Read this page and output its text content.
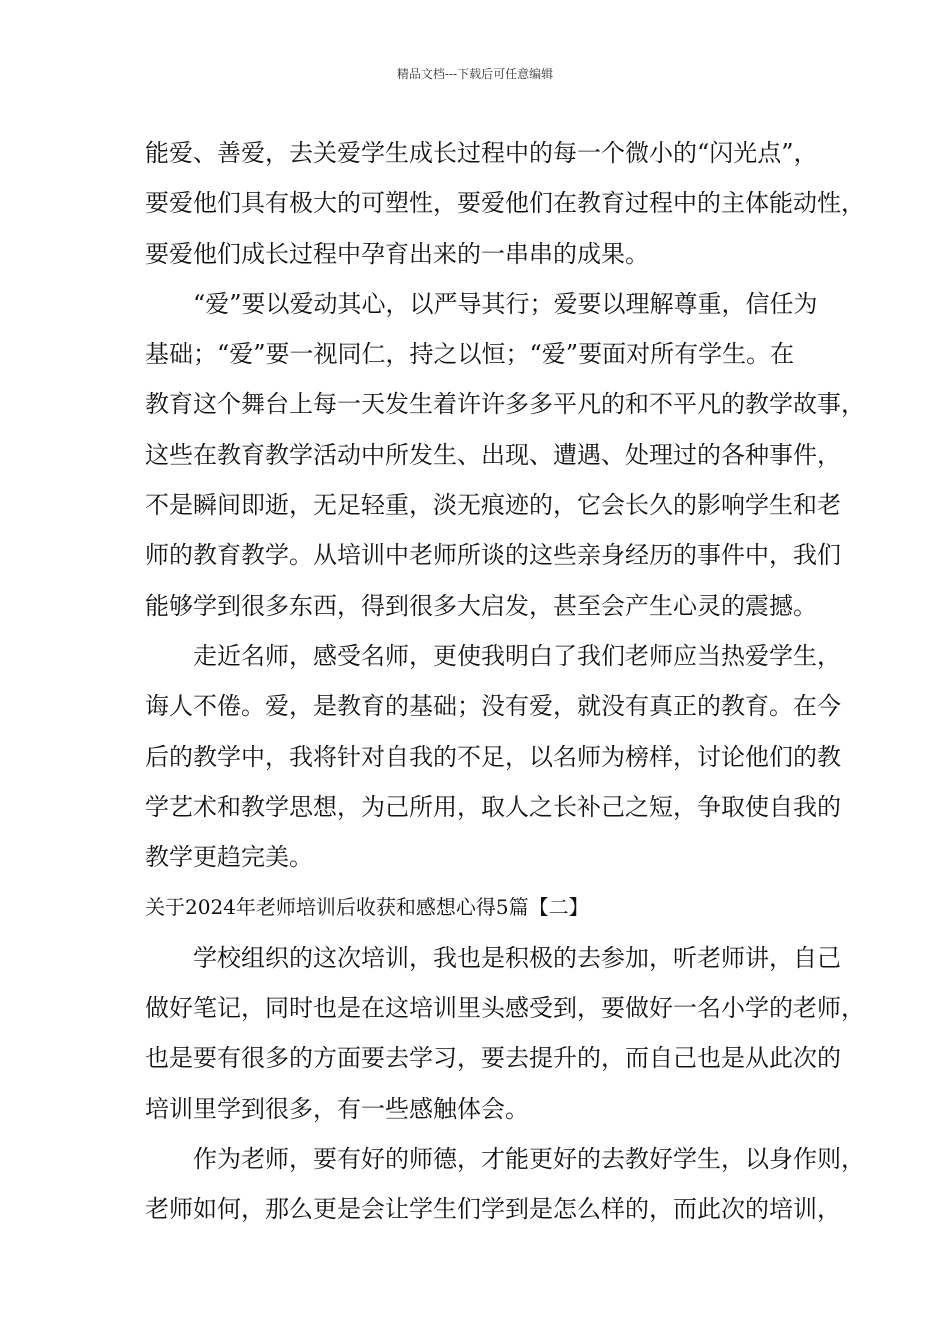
精品文档---下载后可任意编辑
能爱、善爱，去关爱学生成长过程中的每一个微小的“闪光点”，
要爱他们具有极大的可塑性，要爱他们在教育过程中的主体能动性，
要爱他们成长过程中孕育出来的一串串的成果。
“爱”要以爱动其心，以严导其行；爱要以理解尊重，信任为
基础；“爱”要一视同仁，持之以恒；“爱”要面对所有学生。在
教育这个舞台上每一天发生着许许多多平凡的和不平凡的教学故事，
这些在教育教学活动中所发生、出现、遭遇、处理过的各种事件，
不是瞬间即逝，无足轻重，淡无痕迹的，它会长久的影响学生和老
师的教育教学。从培训中老师所谈的这些亲身经历的事件中，我们
能够学到很多东西，得到很多大启发，甚至会产生心灵的震撼。
走近名师，感受名师，更使我明白了我们老师应当热爱学生，
诲人不倦。爱，是教育的基础；没有爱，就没有真正的教育。在今
后的教学中，我将针对自我的不足，以名师为榜样，讨论他们的教
学艺术和教学思想，为己所用，取人之长补己之短，争取使自我的
教学更趋完美。
关于2024年老师培训后收获和感想心得5篇【二】
学校组织的这次培训，我也是积极的去参加，听老师讲，自己
做好笔记，同时也是在这培训里头感受到，要做好一名小学的老师，
也是要有很多的方面要去学习，要去提升的，而自己也是从此次的
培训里学到很多，有一些感触体会。
作为老师，要有好的师德，才能更好的去教好学生，以身作则，
老师如何，那么更是会让学生们学到是怎么样的，而此次的培训，
